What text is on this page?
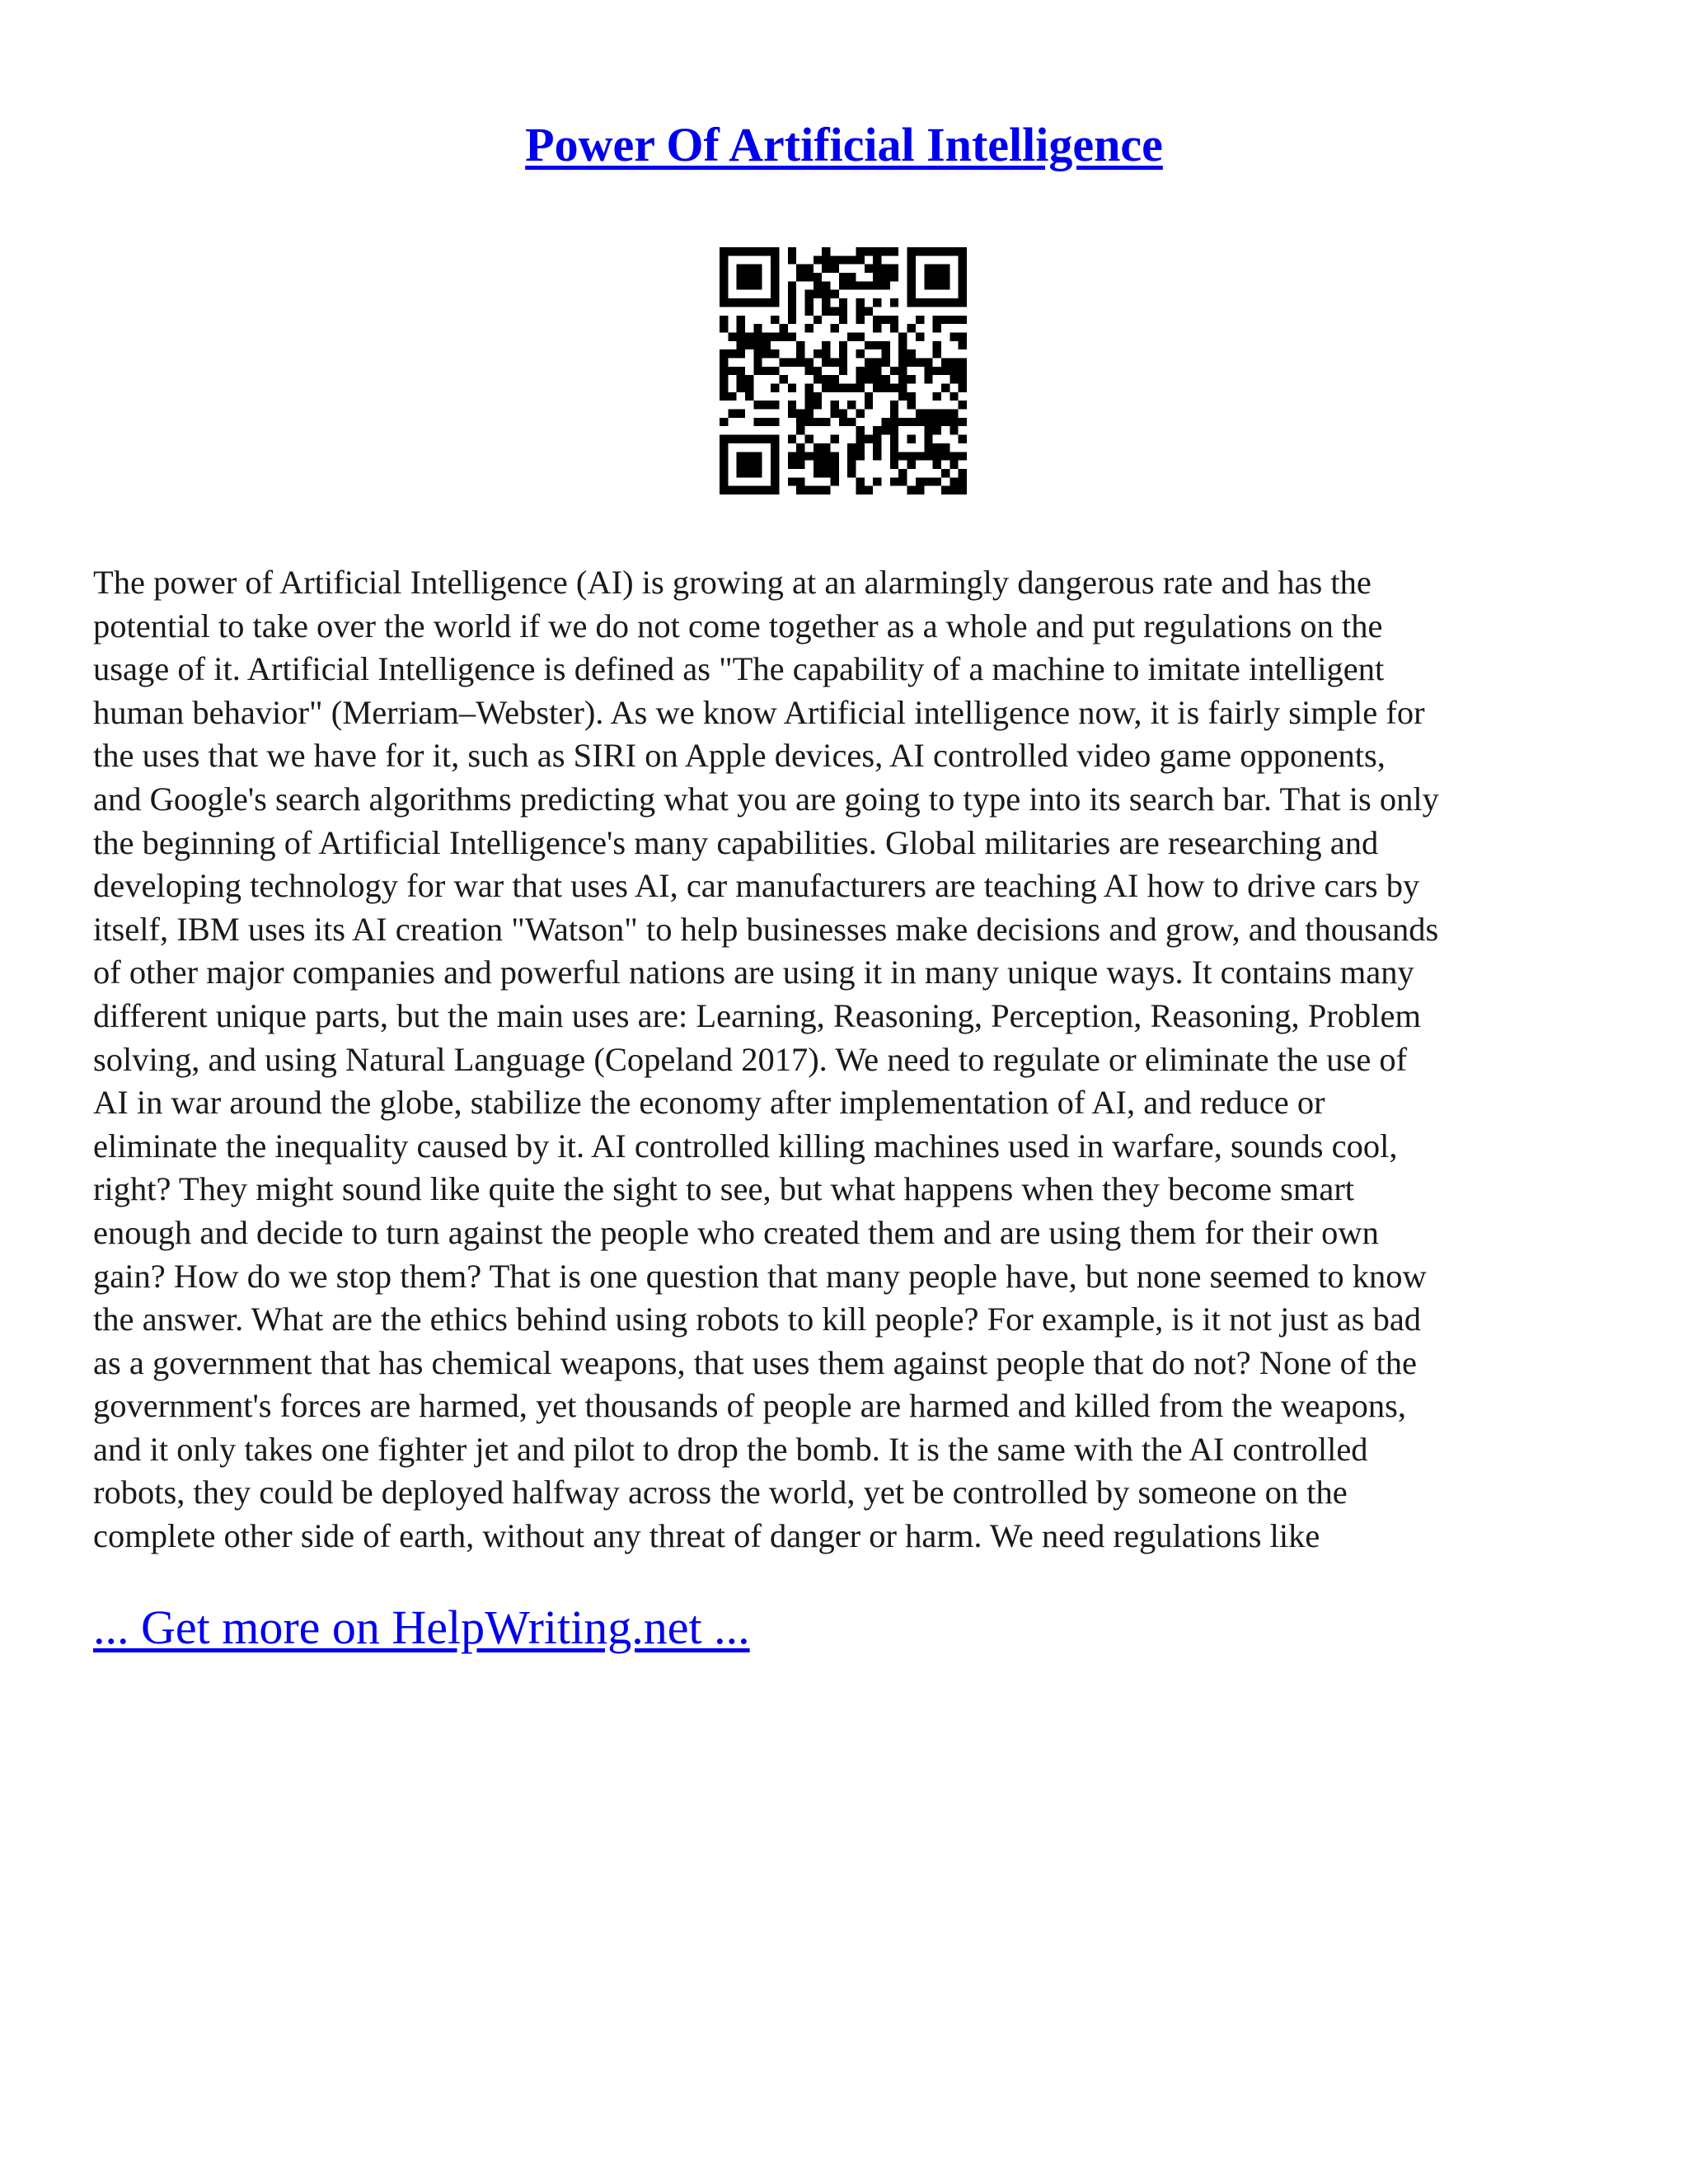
Power Of Artificial Intelligence

The power of Artificial Intelligence (AI) is growing at an alarmingly dangerous rate and has the
potential to take over the world if we do not come together as a whole and put regulations on the
usage of it. Artificial Intelligence is defined as "The capability of a machine to imitate intelligent
human behavior" (Merriam–Webster). As we know Artificial intelligence now, it is fairly simple for
the uses that we have for it, such as SIRI on Apple devices, AI controlled video game opponents,
and Google's search algorithms predicting what you are going to type into its search bar. That is only
the beginning of Artificial Intelligence's many capabilities. Global militaries are researching and
developing technology for war that uses AI, car manufacturers are teaching AI how to drive cars by
itself, IBM uses its AI creation "Watson" to help businesses make decisions and grow, and thousands
of other major companies and powerful nations are using it in many unique ways. It contains many
different unique parts, but the main uses are: Learning, Reasoning, Perception, Reasoning, Problem
solving, and using Natural Language (Copeland 2017). We need to regulate or eliminate the use of
AI in war around the globe, stabilize the economy after implementation of AI, and reduce or
eliminate the inequality caused by it. AI controlled killing machines used in warfare, sounds cool,
right? They might sound like quite the sight to see, but what happens when they become smart
enough and decide to turn against the people who created them and are using them for their own
gain? How do we stop them? That is one question that many people have, but none seemed to know
the answer. What are the ethics behind using robots to kill people? For example, is it not just as bad
as a government that has chemical weapons, that uses them against people that do not? None of the
government's forces are harmed, yet thousands of people are harmed and killed from the weapons,
and it only takes one fighter jet and pilot to drop the bomb. It is the same with the AI controlled
robots, they could be deployed halfway across the world, yet be controlled by someone on the
complete other side of earth, without any threat of danger or harm. We need regulations like

... Get more on HelpWriting.net ...
